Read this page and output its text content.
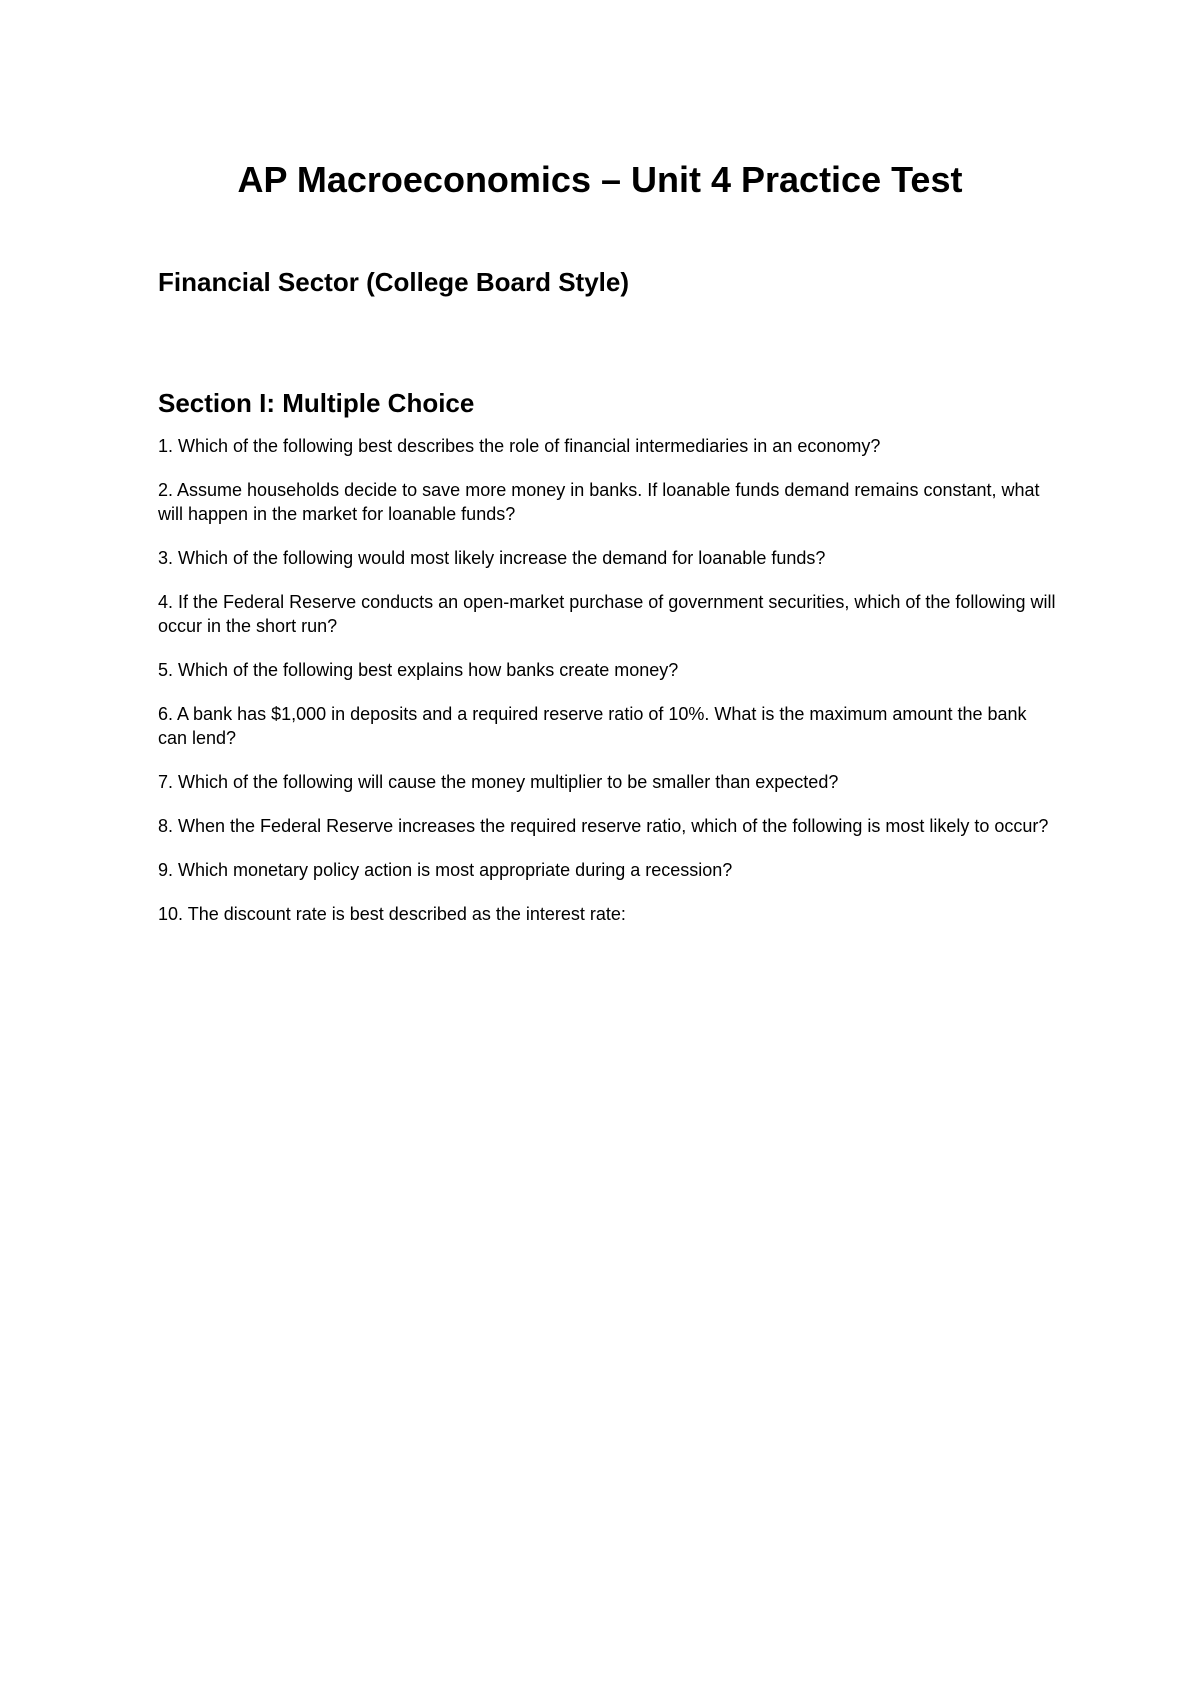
AP Macroeconomics – Unit 4 Practice Test
Financial Sector (College Board Style)
Section I: Multiple Choice

1. Which of the following best describes the role of financial intermediaries in an economy?

2. Assume households decide to save more money in banks. If loanable funds demand remains constant, what will happen in the market for loanable funds?

3. Which of the following would most likely increase the demand for loanable funds?

4. If the Federal Reserve conducts an open-market purchase of government securities, which of the following will occur in the short run?

5. Which of the following best explains how banks create money?

6. A bank has $1,000 in deposits and a required reserve ratio of 10%. What is the maximum amount the bank can lend?

7. Which of the following will cause the money multiplier to be smaller than expected?

8. When the Federal Reserve increases the required reserve ratio, which of the following is most likely to occur?

9. Which monetary policy action is most appropriate during a recession?

10. The discount rate is best described as the interest rate:
